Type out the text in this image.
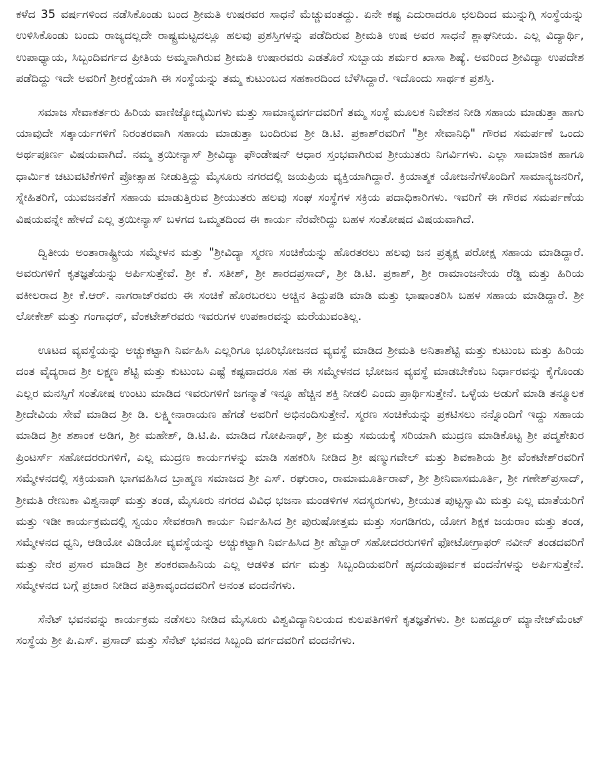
ಕಳೆದ 35 ವರ್ಷಗಳಿಂದ ನಡೆಸಿಕೊಂಡು ಬಂದ ಶ್ರೀಮತಿ ಉಷರವರ ಸಾಧನೆ ಮೆಚ್ಚುವಂತದ್ದು. ಏನೇ ಕಷ್ಟ ಎದುರಾದರೂ ಛಲದಿಂದ ಮುನ್ನುಗ್ಗಿ ಸಂಸ್ಥೆಯನ್ನು ಉಳಿಸಿಕೊಂಡು ಬಂದು ರಾಜ್ಯದಲ್ಲದೇ ರಾಷ್ಟ್ರಮಟ್ಟದಲ್ಲೂ ಹಲವು ಪ್ರಶಸ್ತಿಗಳನ್ನು ಪಡೆದಿರುವ ಶ್ರೀಮತಿ ಉಷ ಅವರ ಸಾಧನೆ ಶ್ಲಾಘನೀಯ. ಎಲ್ಲ ವಿದ್ಯಾರ್ಥಿ, ಉಪಾಧ್ಯಾಯ, ಸಿಬ್ಬಂದಿವರ್ಗದ ಪ್ರೀತಿಯ ಅಮ್ಮನಾಗಿರುವ ಶ್ರೀಮತಿ ಉಷಾರವರು ಎಡತೊರೆ ಸುಬ್ಬಾಯ ಶರ್ಮರ ಖಾಸಾ ಶಿಷ್ಯೆ. ಅವರಿಂದ ಶ್ರೀವಿದ್ಯಾ ಉಪದೇಶ ಪಡೆದಿದ್ದು ಇದೇ ಅವರಿಗೆ ಶ್ರೀರಕ್ಷೆಯಾಗಿ ಈ ಸಂಸ್ಥೆಯನ್ನು ತಮ್ಮ ಕುಟುಂಬದ ಸಹಕಾರದಿಂದ ಬೆಳೆಸಿದ್ದಾರೆ. ಇದೊಂದು ಸಾರ್ಥಕ ಪ್ರಶಸ್ತಿ.

ಸಮಾಜ ಸೇವಾಕರ್ತರು ಹಿರಿಯ ವಾಣಿಜ್ಯೋದ್ಯಮಿಗಳು ಮತ್ತು ಸಾಮಾನ್ಯವರ್ಗದವರಿಗೆ ತಮ್ಮ ಸಂಸ್ಥೆ ಮೂಲಕ ನಿವೇಶನ ನೀಡಿ ಸಹಾಯ ಮಾಡುತ್ತಾ ಹಾಗು ಯಾವುದೇ ಸತ್ಕಾರ್ಯಗಳಿಗೆ ನಿರಂತರವಾಗಿ ಸಹಾಯ ಮಾಡುತ್ತಾ ಬಂದಿರುವ ಶ್ರೀ ಡಿ.ಟಿ. ಪ್ರಕಾಶ್‌ರವರಿಗೆ "ಶ್ರೀ ಸೇವಾನಿಧಿ" ಗೌರವ ಸಮರ್ಪಣೆ ಒಂದು ಅರ್ಥಪೂರ್ಣ ವಿಷಯವಾಗಿದೆ. ನಮ್ಮ ತ್ರಯೀನ್ಯಾಸ್ ಶ್ರೀವಿದ್ಯಾ ಫೌಂಡೇಷನ್ ಆಧಾರ ಸ್ತಂಭವಾಗಿರುವ ಶ್ರೀಯುತರು ನಿಗರ್ವಿಗಳು. ಎಲ್ಲಾ ಸಾಮಾಜಿಕ ಹಾಗೂ ಧಾರ್ಮಿಕ ಚಟುವಟಿಕೆಗಳಿಗೆ ಪ್ರೋತ್ಸಾಹ ನೀಡುತ್ತಿದ್ದು ಮೈಸೂರು ನಗರದಲ್ಲಿ ಜಯಪ್ರಿಯ ವ್ಯಕ್ತಿಯಾಗಿದ್ದಾರೆ. ಕ್ರಿಯಾತ್ಮಕ ಯೋಜನೆಗಳೊಂದಿಗೆ ಸಾಮಾನ್ಯಜನರಿಗೆ, ಸ್ನೇಹಿತರಿಗೆ, ಯುವಜನತೆಗೆ ಸಹಾಯ ಮಾಡುತ್ತಿರುವ ಶ್ರೀಯುತರು ಹಲವು ಸಂಘ ಸಂಸ್ಥೆಗಳ ಸಕ್ರಿಯ ಪದಾಧಿಕಾರಿಗಳು. ಇವರಿಗೆ ಈ ಗೌರವ ಸಮರ್ಪಣೆಯ ವಿಷಯವನ್ನೇ ಹೇಳದೆ ಎಲ್ಲ ತ್ರಯೀನ್ಯಾಸ್ ಬಳಗದ ಒಮ್ಮತದಿಂದ ಈ ಕಾರ್ಯ ನೆರವೇರಿದ್ದು ಬಹಳ ಸಂತೋಷದ ವಿಷಯವಾಗಿದೆ.

ದ್ವಿತೀಯ ಅಂತಾರಾಷ್ಟ್ರೀಯ ಸಮ್ಮೇಳನ ಮತ್ತು "ಶ್ರೀವಿದ್ಯಾ ಸ್ಮರಣ ಸಂಚಿಕೆಯನ್ನು ಹೊರತರಲು ಹಲವು ಜನ ಪ್ರತ್ಯಕ್ಷ ಪರೋಕ್ಷ ಸಹಾಯ ಮಾಡಿದ್ದಾರೆ. ಅವರುಗಳಿಗೆ ಕೃತಜ್ಞತೆಯನ್ನು ಅರ್ಪಿಸುತ್ತೇವೆ. ಶ್ರೀ ಕೆ. ಸತೀಶ್, ಶ್ರೀ ಶಾರದಪ್ರಸಾದ್, ಶ್ರೀ ಡಿ.ಟಿ. ಪ್ರಕಾಶ್, ಶ್ರೀ ರಾಮಾಂಜನೇಯ ರೆಡ್ಡಿ ಮತ್ತು ಹಿರಿಯ ವಕೀಲರಾದ ಶ್ರೀ ಕೆ.ಆರ್. ನಾಗರಾಜ್‌ರವರು ಈ ಸಂಚಿಕೆ ಹೊರಬರಲು ಅಚ್ಚಿನ ತಿದ್ದುಪಡಿ ಮಾಡಿ ಮತ್ತು ಭಾಷಾಂತರಿಸಿ ಬಹಳ ಸಹಾಯ ಮಾಡಿದ್ದಾರೆ. ಶ್ರೀ ಲೋಕೇಶ್ ಮತ್ತು ಗಂಗಾಧರ್, ವೆಂಕಟೇಶ್‌ರವರು ಇವರುಗಳ ಉಪಕಾರವನ್ನು ಮರೆಯುವಂತಿಲ್ಲ.

ಊಟದ ವ್ಯವಸ್ಥೆಯನ್ನು ಅಚ್ಚುಕಟ್ಟಾಗಿ ನಿರ್ವಹಿಸಿ ಎಲ್ಲರಿಗೂ ಭೂರಿಭೋಜನದ ವ್ಯವಸ್ಥೆ ಮಾಡಿದ ಶ್ರೀಮತಿ ಅನಿತಾಶೆಟ್ಟಿ ಮತ್ತು ಕುಟುಂಬ ಮತ್ತು ಹಿರಿಯ ದಂತ ವೈದ್ಯರಾದ ಶ್ರೀ ಲಕ್ಷ್ಮಣ ಶೆಟ್ಟಿ ಮತ್ತು ಕುಟುಂಬ ಎಷ್ಟೆ ಕಷ್ಟವಾದರೂ ಸಹ ಈ ಸಮ್ಮೇಳನದ ಭೋಜನ ವ್ಯವಸ್ಥೆ ಮಾಡಬೇಕೆಂಬ ನಿರ್ಧಾರವನ್ನು ಕೈಗೊಂಡು ಎಲ್ಲರ ಮನಸ್ಸಿಗೆ ಸಂತೋಷ ಉಂಟು ಮಾಡಿದ ಇವರುಗಳಿಗೆ ಜಗನ್ಮಾತೆ ಇನ್ನೂ ಹೆಚ್ಚಿನ ಶಕ್ತಿ ನೀಡಲಿ ಎಂದು ಪ್ರಾರ್ಥಿಸುತ್ತೇನೆ. ಒಳ್ಳೆಯ ಅಡುಗೆ ಮಾಡಿ ತನ್ಮೂಲಕ ಶ್ರೀದೇವಿಯ ಸೇವೆ ಮಾಡಿದ ಶ್ರೀ ಡಿ. ಲಕ್ಷ್ಮೀನಾರಾಯಣ ಹೆಗಡೆ ಅವರಿಗೆ ಅಭಿನಂದಿಸುತ್ತೇನೆ. ಸ್ಮರಣ ಸಂಚಿಕೆಯನ್ನು ಪ್ರಕಟಿಸಲು ನನ್ನೊಂದಿಗೆ ಇದ್ದು ಸಹಾಯ ಮಾಡಿದ ಶ್ರೀ ಶಶಾಂಕ ಅಡಿಗ, ಶ್ರೀ ಮಹೇಶ್, ಡಿ.ಟಿ.ಪಿ. ಮಾಡಿದ ಗೋಪಿನಾಥ್, ಶ್ರೀ ಮತ್ತು ಸಮಯಕ್ಕೆ ಸರಿಯಾಗಿ ಮುದ್ರಣ ಮಾಡಿಕೊಟ್ಟ ಶ್ರೀ ಪದ್ಮಶೇಖರ ಪ್ರಿಂಟರ್ಸ್ ಸಹೋದರರುಗಳಿಗೆ, ಎಲ್ಲ ಮುದ್ರಣ ಕಾರ್ಯಗಳನ್ನು ಮಾಡಿ ಸಹಕರಿಸಿ ನೀಡಿದ ಶ್ರೀ ಷಣ್ಮುಗವೇಲ್ ಮತ್ತು ಶಿವಕಾಶಿಯ ಶ್ರೀ ವೆಂಕಟೇಶ್‌ರವರಿಗೆ ಸಮ್ಮೇಳನದಲ್ಲಿ ಸಕ್ರಿಯವಾಗಿ ಭಾಗವಹಿಸಿದ ಬ್ರಾಹ್ಮಣ ಸಮಾಜದ ಶ್ರೀ ಎಸ್. ರಘುರಾಂ, ರಾಮಾಮೂರ್ತಿರಾವ್, ಶ್ರೀ ಶ್ರೀನಿವಾಸಮೂರ್ತಿ, ಶ್ರೀ ಗಣೇಶ್‌ಪ್ರಸಾದ್, ಶ್ರೀಮತಿ ರೇಣುಕಾ ವಿಶ್ವನಾಥ್ ಮತ್ತು ತಂಡ, ಮೈಸೂರು ನಗರದ ವಿವಿಧ ಭಜನಾ ಮಂಡಳಿಗಳ ಸದಸ್ಯರುಗಳು, ಶ್ರೀಯುತ ಪುಟ್ಟಸ್ವಾಮಿ ಮತ್ತು ಎಲ್ಲ ಮಾತೆಯರಿಗೆ ಮತ್ತು ಇಡೀ ಕಾರ್ಯಕ್ರಮದಲ್ಲಿ ಸ್ವಯಂ ಸೇವಕರಾಗಿ ಕಾರ್ಯ ನಿರ್ವಹಿಸಿದ ಶ್ರೀ ಪುರುಷೋತ್ತಮ ಮತ್ತು ಸಂಗಡಿಗರು, ಯೋಗ ಶಿಕ್ಷಕ ಜಯರಾಂ ಮತ್ತು ತಂಡ, ಸಮ್ಮೇಳನದ ಧ್ವನಿ, ಆಡಿಯೋ ವಿಡಿಯೋ ವ್ಯವಸ್ಥೆಯನ್ನು ಅಚ್ಚುಕಟ್ಟಾಗಿ ನಿರ್ವಹಿಸಿದ ಶ್ರೀ ಹೆಬ್ಬಾರ್ ಸಹೋದರರುಗಳಿಗೆ ಫೋಟೋಗ್ರಾಫರ್ ನವೀನ್ ತಂಡದವರಿಗೆ ಮತ್ತು ನೇರ ಪ್ರಸಾರ ಮಾಡಿದ ಶ್ರೀ ಶಂಕರವಾಹಿನಿಯ ಎಲ್ಲ ಆಡಳಿತ ವರ್ಗ ಮತ್ತು ಸಿಬ್ಬಂದಿಯವರಿಗೆ ಹೃದಯಪೂರ್ವಕ ವಂದನೆಗಳನ್ನು ಅರ್ಪಿಸುತ್ತೇನೆ. ಸಮ್ಮೇಳನದ ಬಗ್ಗೆ ಪ್ರಚಾರ ನೀಡಿದ ಪತ್ರಿಕಾವೃಂದದವರಿಗೆ ಅನಂತ ವಂದನೆಗಳು.

ಸೆನೆಟ್ ಭವನವನ್ನು ಕಾರ್ಯಕ್ರಮ ನಡೆಸಲು ನೀಡಿದ ಮೈಸೂರು ವಿಶ್ವವಿದ್ಯಾನಿಲಯದ ಕುಲಪತಿಗಳಿಗೆ ಕೃತಜ್ಞತೆಗಳು. ಶ್ರೀ ಬಹದ್ದೂರ್ ಮ್ಯಾನೇಜ್‌ಮೆಂಟ್ ಸಂಸ್ಥೆಯ ಶ್ರೀ ಪಿ.ಎಸ್. ಪ್ರಸಾದ್ ಮತ್ತು ಸೆನೆಟ್ ಭವನದ ಸಿಬ್ಬಂದಿ ವರ್ಗದವರಿಗೆ ವಂದನೆಗಳು.
